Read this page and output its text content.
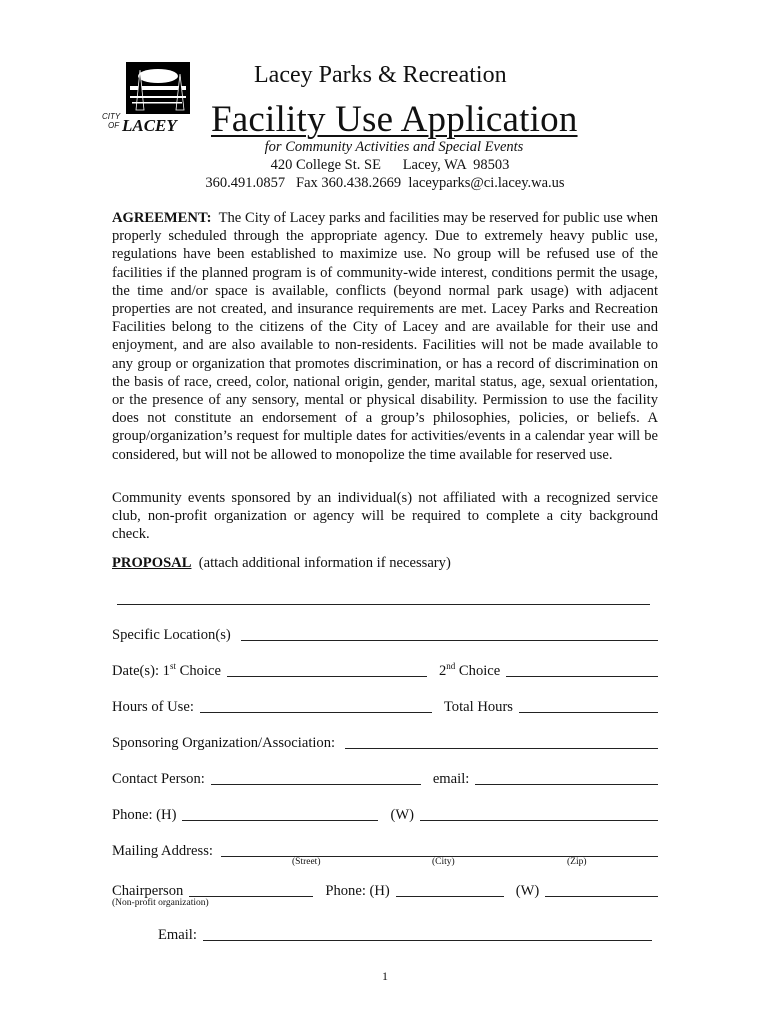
CITY
OF LACEY
Lacey Parks & Recreation
Facility Use Application
for Community Activities and Special Events
420 College St. SE      Lacey, WA  98503
360.491.0857   Fax 360.438.2669  laceyparks@ci.lacey.wa.us
AGREEMENT: The City of Lacey parks and facilities may be reserved for public use when properly scheduled through the appropriate agency. Due to extremely heavy public use, regulations have been established to maximize use. No group will be refused use of the facilities if the planned program is of community-wide interest, conditions permit the usage, the time and/or space is available, conflicts (beyond normal park usage) with adjacent properties are not created, and insurance requirements are met. Lacey Parks and Recreation Facilities belong to the citizens of the City of Lacey and are available for their use and enjoyment, and are also available to non-residents. Facilities will not be made available to any group or organization that promotes discrimination, or has a record of discrimination on the basis of race, creed, color, national origin, gender, marital status, age, sexual orientation, or the presence of any sensory, mental or physical disability. Permission to use the facility does not constitute an endorsement of a group’s philosophies, policies, or beliefs. A group/organization’s request for multiple dates for activities/events in a calendar year will be considered, but will not be allowed to monopolize the time available for reserved use.
Community events sponsored by an individual(s) not affiliated with a recognized service club, non-profit organization or agency will be required to complete a city background check.
PROPOSAL (attach additional information if necessary)
Specific Location(s)
Date(s): 1st Choice	2nd Choice
Hours of Use:	Total Hours
Sponsoring Organization/Association:
Contact Person:	email:
Phone: (H)	(W)
Mailing Address:
(Street)	(City)	(Zip)
Chairperson	Phone: (H)	(W)
(Non-profit organization)
Email:
1
